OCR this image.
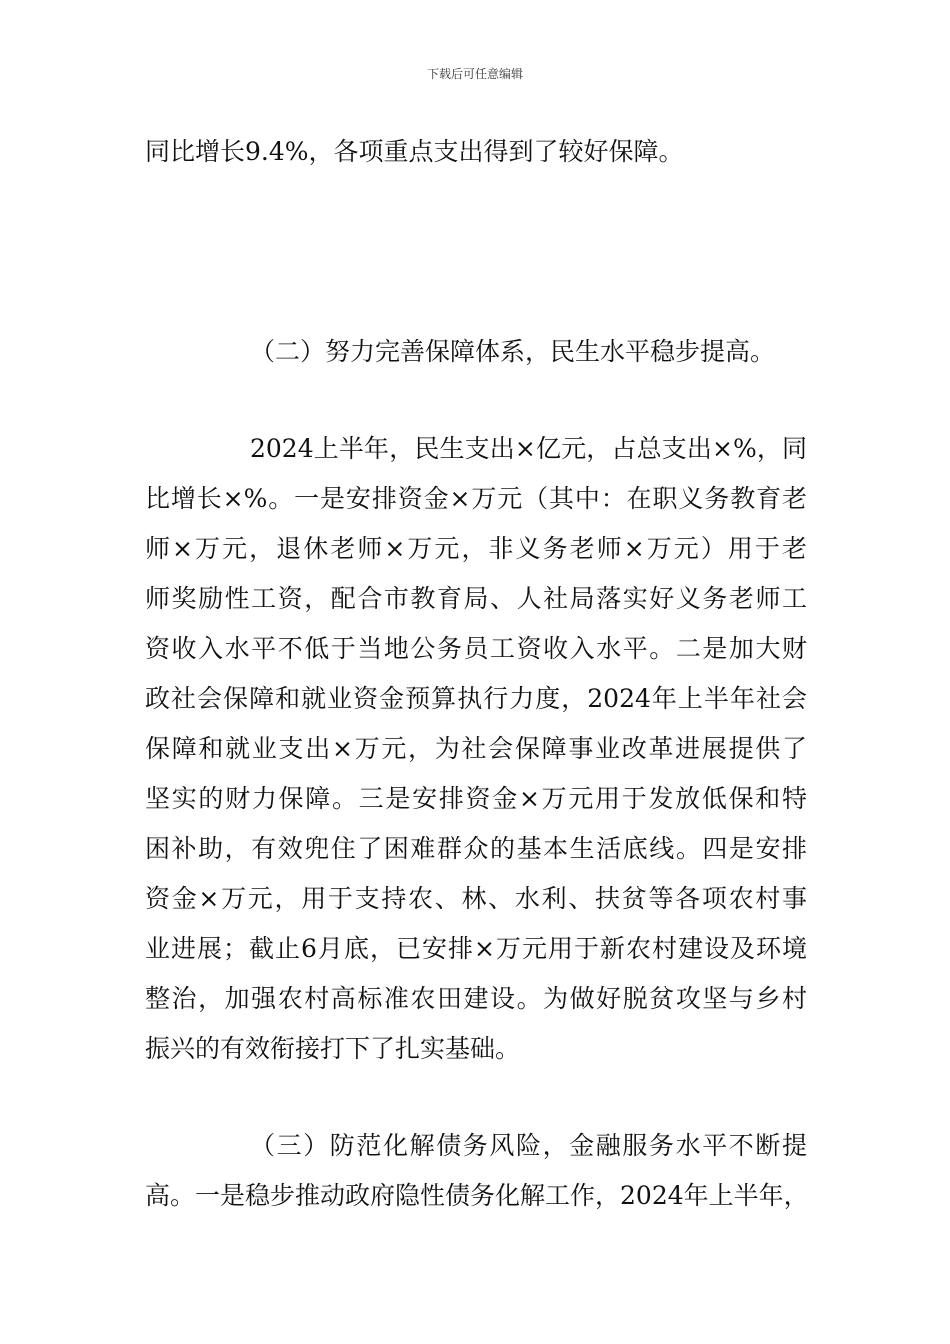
下载后可任意编辑
同比增长9.4%，各项重点支出得到了较好保障。
（二）努力完善保障体系，民生水平稳步提高。
2024上半年，民生支出×亿元，占总支出×%，同
比增长×%。一是安排资金×万元（其中：在职义务教育老
师×万元，退休老师×万元，非义务老师×万元）用于老
师奖励性工资，配合市教育局、人社局落实好义务老师工
资收入水平不低于当地公务员工资收入水平。二是加大财
政社会保障和就业资金预算执行力度，2024年上半年社会
保障和就业支出×万元，为社会保障事业改革进展提供了
坚实的财力保障。三是安排资金×万元用于发放低保和特
困补助，有效兜住了困难群众的基本生活底线。四是安排
资金×万元，用于支持农、林、水利、扶贫等各项农村事
业进展；截止6月底，已安排×万元用于新农村建设及环境
整治，加强农村高标准农田建设。为做好脱贫攻坚与乡村
振兴的有效衔接打下了扎实基础。
（三）防范化解债务风险，金融服务水平不断提
高。一是稳步推动政府隐性债务化解工作，2024年上半年，
